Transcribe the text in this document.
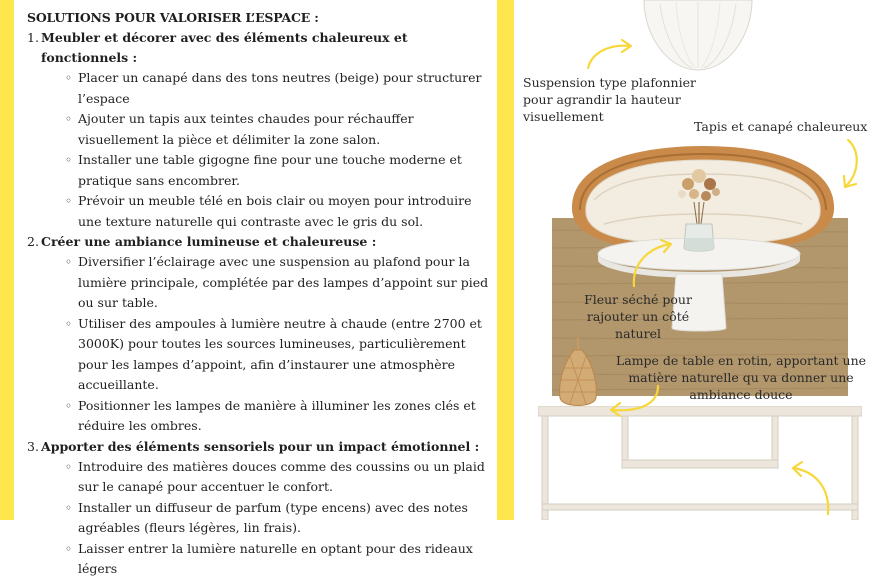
SOLUTIONS POUR VALORISER L’ESPACE :

1. Meubler et décorer avec des éléments chaleureux et fonctionnels :

◦ Placer un canapé dans des tons neutres (beige) pour structurer l’espace
◦ Ajouter un tapis aux teintes chaudes pour réchauffer visuellement la pièce et délimiter la zone salon.
◦ Installer une table gigogne fine pour une touche moderne et pratique sans encombrer.
◦ Prévoir un meuble télé en bois clair ou moyen pour introduire une texture naturelle qui contraste avec le gris du sol.

2. Créer une ambiance lumineuse et chaleureuse :

◦ Diversifier l’éclairage avec une suspension au plafond pour la lumière principale, complétée par des lampes d’appoint sur pied ou sur table.
◦ Utiliser des ampoules à lumière neutre à chaude (entre 2700 et 3000K) pour toutes les sources lumineuses, particulièrement pour les lampes d’appoint, afin d’instaurer une atmosphère accueillante.
◦ Positionner les lampes de manière à illuminer les zones clés et réduire les ombres.

3. Apporter des éléments sensoriels pour un impact émotionnel :

◦ Introduire des matières douces comme des coussins ou un plaid sur le canapé pour accentuer le confort.
◦ Installer un diffuseur de parfum (type encens) avec des notes agréables (fleurs légères, lin frais).
◦ Laisser entrer la lumière naturelle en optant pour des rideaux légers
Suspension type plafonnier pour agrandir la hauteur visuellement
Tapis et canapé chaleureux
Fleur séché pour rajouter un côté naturel
Lampe de table en rotin, apportant une matière naturelle qu va donner une ambiance douce
